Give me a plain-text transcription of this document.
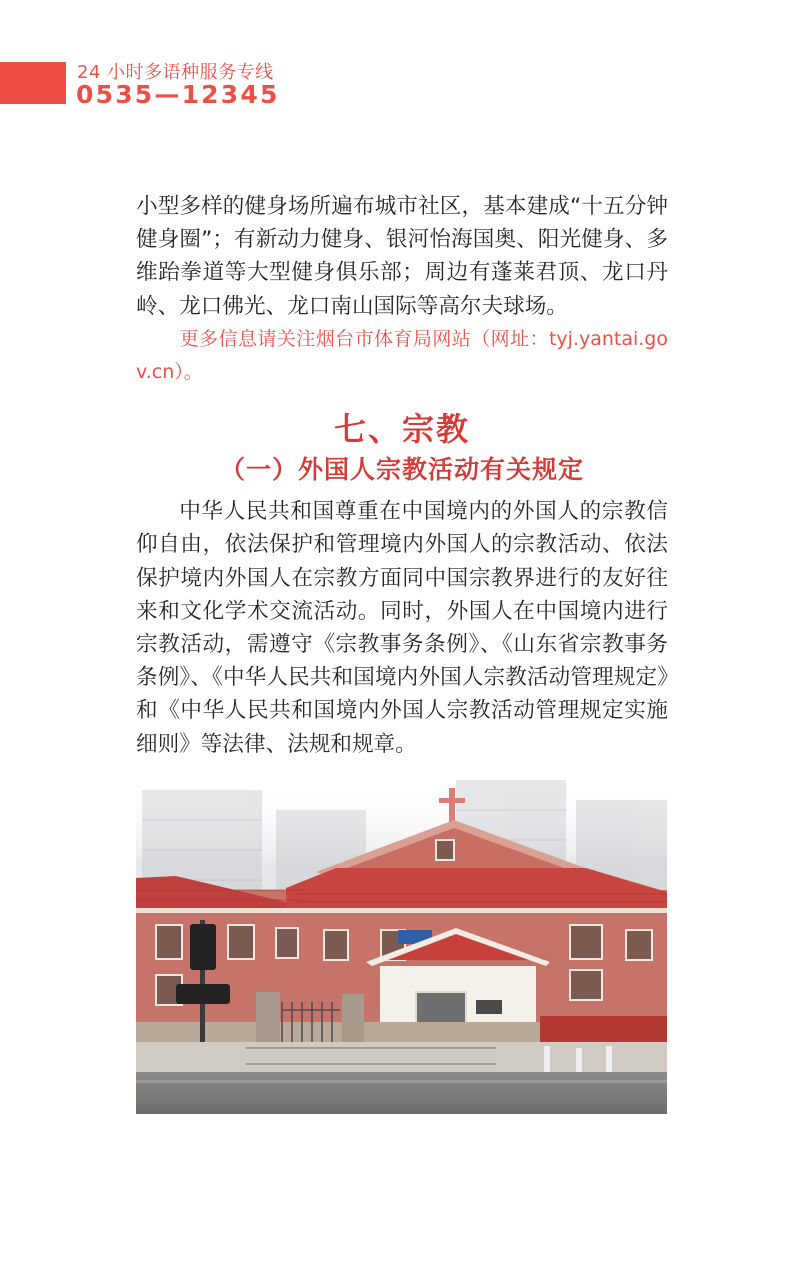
24 小时多语种服务专线
0535—12345

小型多样的健身场所遍布城市社区，基本建成“十五分钟健身圈”；有新动力健身、银河怡海国奥、阳光健身、多维跆拳道等大型健身俱乐部；周边有蓬莱君顶、龙口丹岭、龙口佛光、龙口南山国际等高尔夫球场。

更多信息请关注烟台市体育局网站（网址：tyj.yantai.gov.cn）。

七、宗教
（一）外国人宗教活动有关规定

中华人民共和国尊重在中国境内的外国人的宗教信仰自由，依法保护和管理境内外国人的宗教活动、依法保护境内外国人在宗教方面同中国宗教界进行的友好往来和文化学术交流活动。同时，外国人在中国境内进行宗教活动，需遵守《宗教事务条例》、《山东省宗教事务条例》、《中华人民共和国境内外国人宗教活动管理规定》和《中华人民共和国境内外国人宗教活动管理规定实施细则》等法律、法规和规章。
